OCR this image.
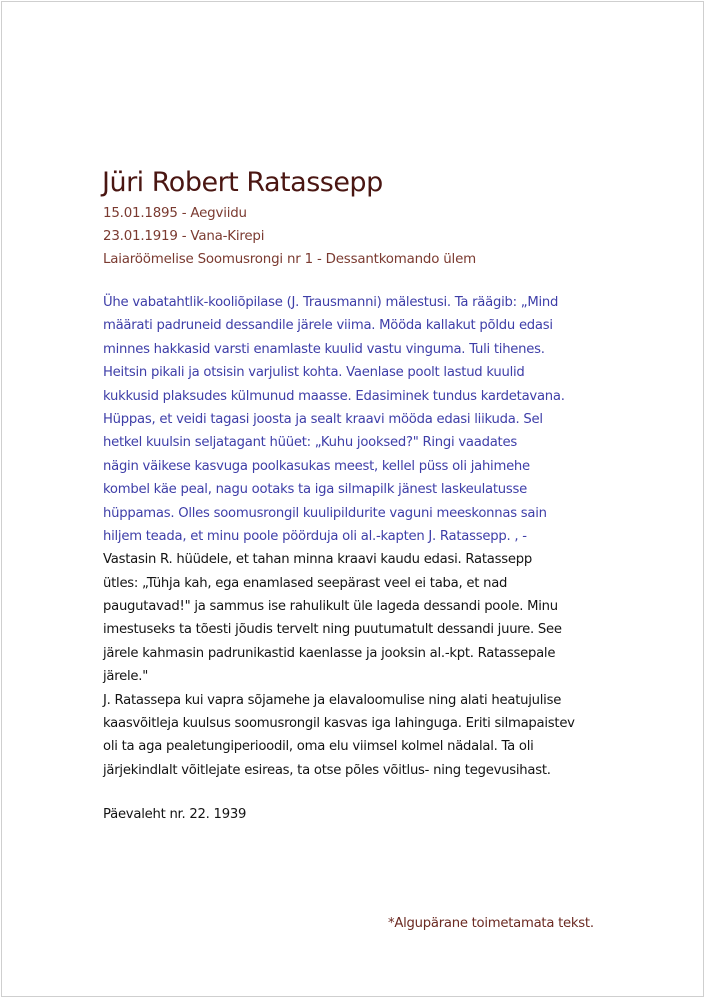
Jüri Robert Ratassepp
15.01.1895 - Aegviidu
23.01.1919 - Vana-Kirepi
Laiaröömelise Soomusrongi nr 1 - Dessantkomando ülem
Ühe vabatahtlik-kooliõpilase (J. Trausmanni) mälestusi. Ta räägib: „Mind
määrati padruneid dessandile järele viima. Mööda kallakut põldu edasi
minnes hakkasid varsti enamlaste kuulid vastu vinguma. Tuli tihenes.
Heitsin pikali ja otsisin varjulist kohta. Vaenlase poolt lastud kuulid
kukkusid plaksudes külmunud maasse. Edasiminek tundus kardetavana.
Hüppas, et veidi tagasi joosta ja sealt kraavi mööda edasi liikuda. Sel
hetkel kuulsin seljatagant hüüet: „Kuhu jooksed?" Ringi vaadates
nägin väikese kasvuga poolkasukas meest, kellel püss oli jahimehe
kombel käe peal, nagu ootaks ta iga silmapilk jänest laskeulatusse
hüppamas. Olles soomusrongil kuulipildurite vaguni meeskonnas sain
hiljem teada, et minu poole pöörduja oli al.-kapten J. Ratassepp. , -
Vastasin R. hüüdele, et tahan minna kraavi kaudu edasi. Ratassepp
ütles: „Tühja kah, ega enamlased seepärast veel ei taba, et nad
paugutavad!" ja sammus ise rahulikult üle lageda dessandi poole. Minu
imestuseks ta tõesti jõudis tervelt ning puutumatult dessandi juure. See
järele kahmasin padrunikastid kaenlasse ja jooksin al.-kpt. Ratassepale
järele."
J. Ratassepa kui vapra sõjamehe ja elavaloomulise ning alati heatujulise
kaasvõitleja kuulsus soomusrongil kasvas iga lahinguga. Eriti silmapaistev
oli ta aga pealetungiperioodil, oma elu viimsel kolmel nädalal. Ta oli
järjekindlalt võitlejate esireas, ta otse põles võitlus- ning tegevusihast.
Päevaleht nr. 22. 1939
*Algupärane toimetamata tekst.
